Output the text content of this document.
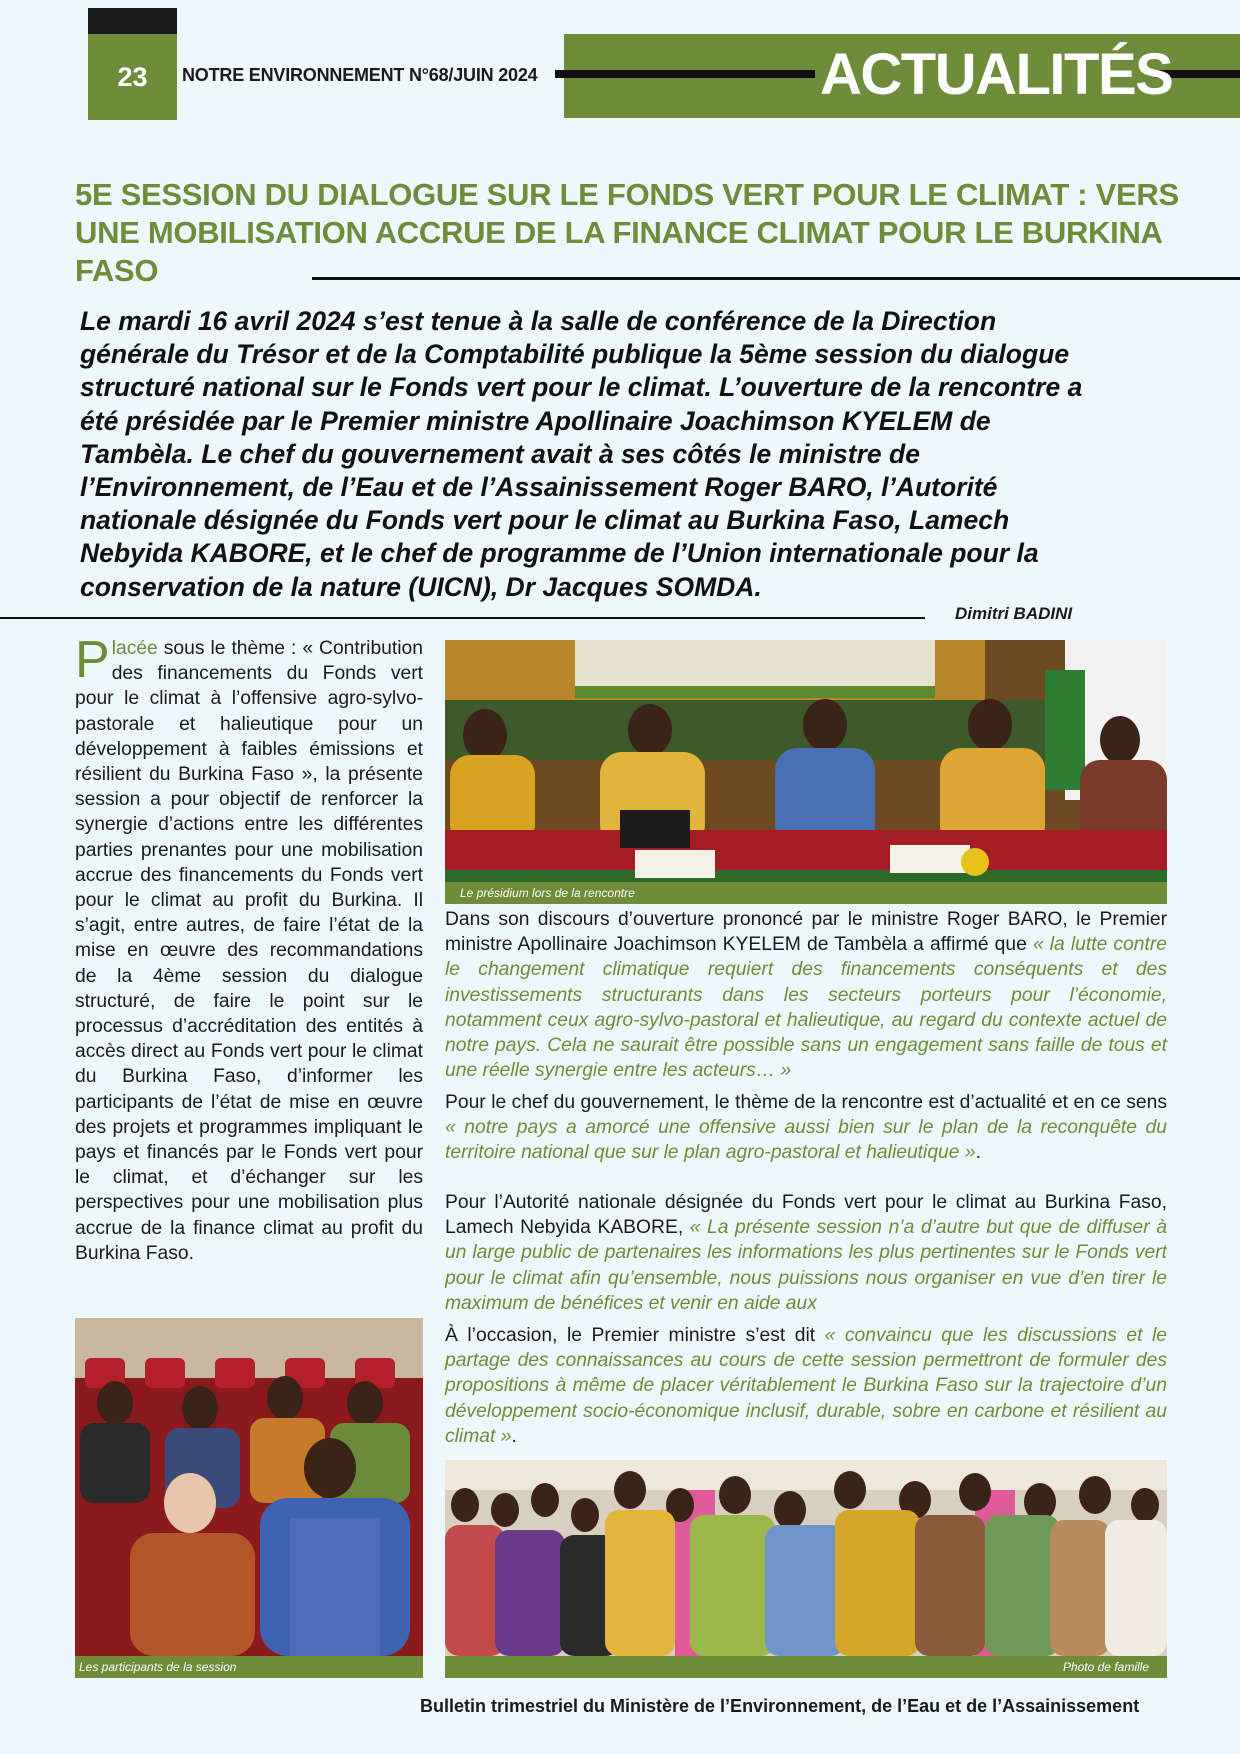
23	NOTRE ENVIRONNEMENT N°68/JUIN 2024	ACTUALITÉS
5E SESSION DU DIALOGUE SUR LE FONDS VERT POUR LE CLIMAT : VERS UNE MOBILISATION ACCRUE DE LA FINANCE CLIMAT POUR LE BURKINA FASO

Le mardi 16 avril 2024 s’est tenue à la salle de conférence de la Direction générale du Trésor et de la Comptabilité publique la 5ème session du dialogue structuré national sur le Fonds vert pour le climat. L’ouverture de la rencontre a été présidée par le Premier ministre Apollinaire Joachimson KYELEM de Tambèla. Le chef du gouvernement avait à ses côtés le ministre de l’Environnement, de l’Eau et de l’Assainissement Roger BARO, l’Autorité nationale désignée du Fonds vert pour le climat au Burkina Faso, Lamech Nebyida KABORE, et le chef de programme de l’Union internationale pour la conservation de la nature (UICN), Dr Jacques SOMDA.

Dimitri BADINI

Placée sous le thème : « Contribution des financements du Fonds vert pour le climat à l’offensive agro-sylvo-pastorale et halieutique pour un développement à faibles émissions et résilient du Burkina Faso », la présente session a pour objectif de renforcer la synergie d’actions entre les différentes parties prenantes pour une mobilisation accrue des financements du Fonds vert pour le climat au profit du Burkina. Il s’agit, entre autres, de faire l’état de la mise en œuvre des recommandations de la 4ème session du dialogue structuré, de faire le point sur le processus d’accréditation des entités à accès direct au Fonds vert pour le climat du Burkina Faso, d’informer les participants de l’état de mise en œuvre des projets et programmes impliquant le pays et financés par le Fonds vert pour le climat, et d’échanger sur les perspectives pour une mobilisation plus accrue de la finance climat au profit du Burkina Faso.

Le présidium lors de la rencontre

Dans son discours d’ouverture prononcé par le ministre Roger BARO, le Premier ministre Apollinaire Joachimson KYELEM de Tambèla a affirmé que « la lutte contre le changement climatique requiert des financements conséquents et des investissements structurants dans les secteurs porteurs pour l’économie, notamment ceux agro-sylvo-pastoral et halieutique, au regard du contexte actuel de notre pays. Cela ne saurait être possible sans un engagement sans faille de tous et une réelle synergie entre les acteurs… »

Pour le chef du gouvernement, le thème de la rencontre est d’actualité et en ce sens « notre pays a amorcé une offensive aussi bien sur le plan de la reconquête du territoire national que sur le plan agro-pastoral et halieutique ».

Pour l’Autorité nationale désignée du Fonds vert pour le climat au Burkina Faso, Lamech Nebyida KABORE, « La présente session n’a d’autre but que de diffuser à un large public de partenaires les informations les plus pertinentes sur le Fonds vert pour le climat afin qu’ensemble, nous puissions nous organiser en vue d’en tirer le maximum de bénéfices et venir en aide aux

À l’occasion, le Premier ministre s’est dit « convaincu que les discussions et le partage des connaissances au cours de cette session permettront de formuler des propositions à même de placer véritablement le Burkina Faso sur la trajectoire d’un développement socio-économique inclusif, durable, sobre en carbone et résilient au climat ».

Les participants de la session	Photo de famille
Bulletin trimestriel du Ministère de l’Environnement, de l’Eau et de l’Assainissement
